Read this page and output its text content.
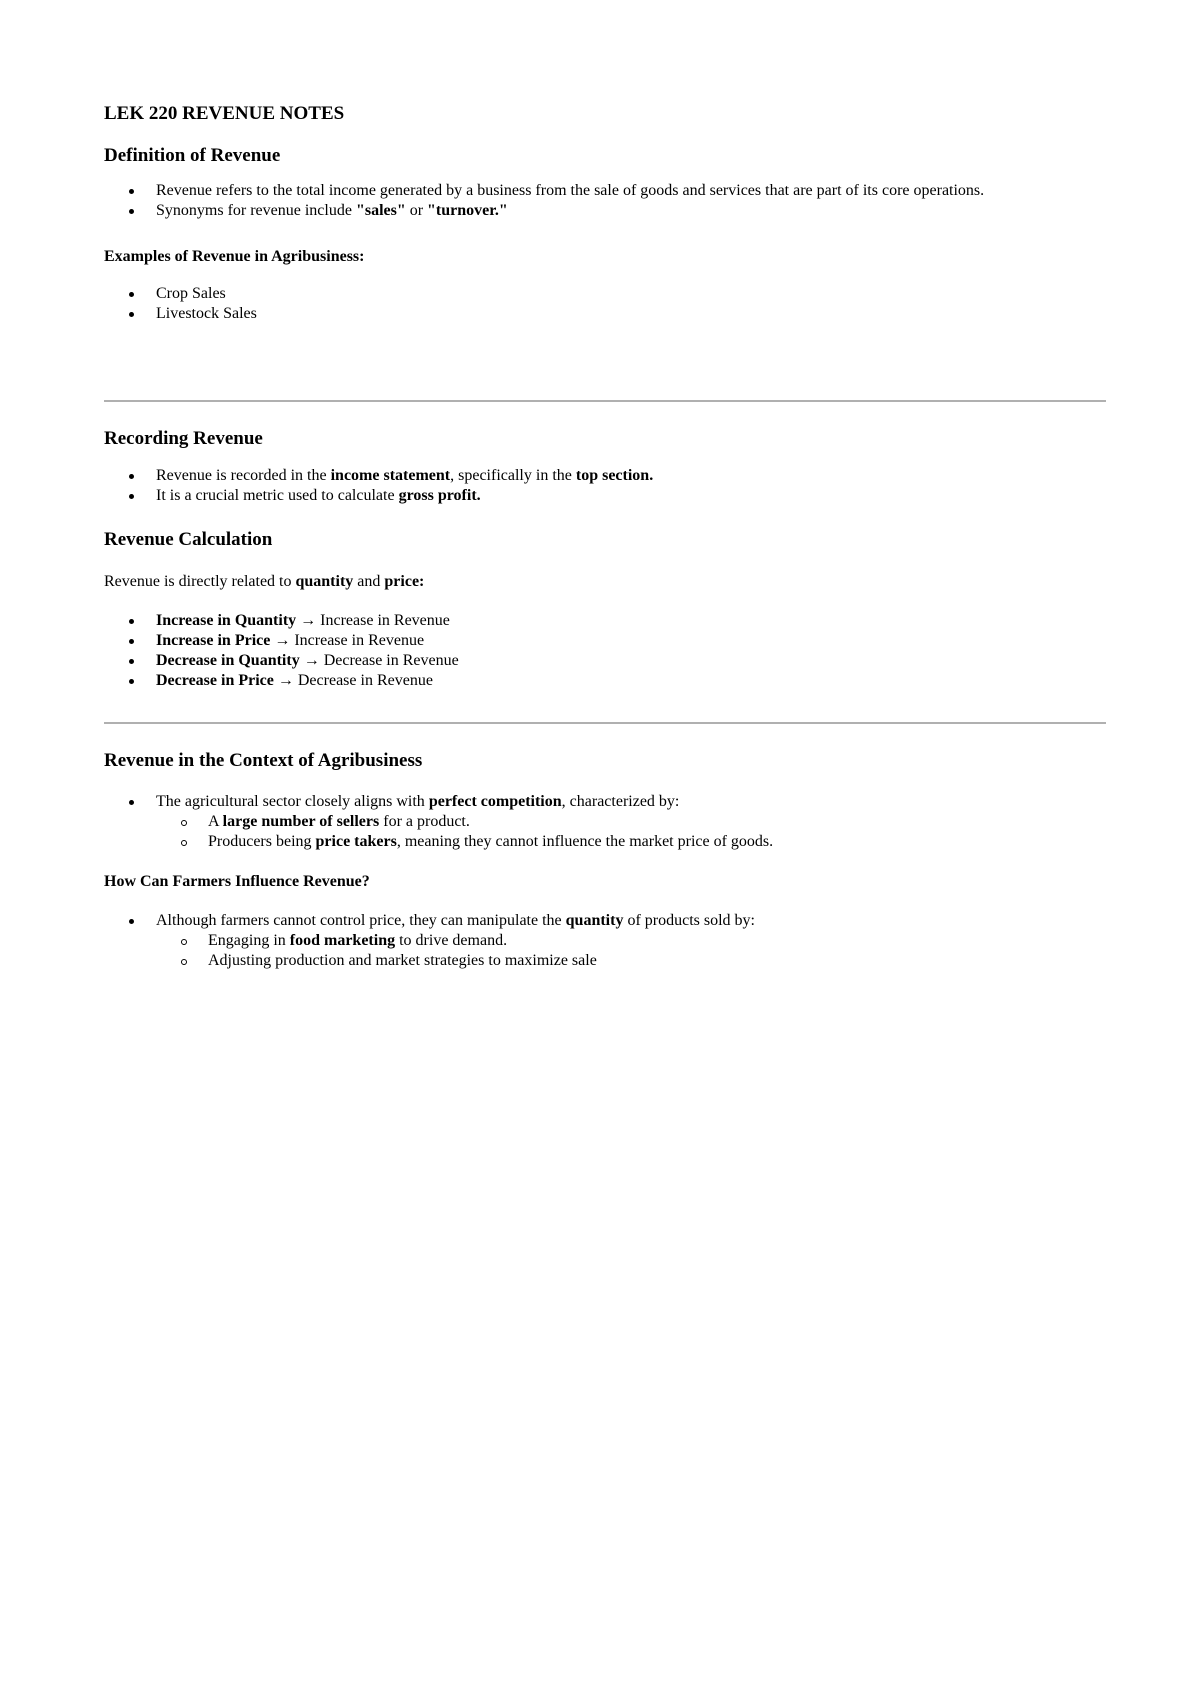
LEK 220 REVENUE NOTES
Definition of Revenue
Revenue refers to the total income generated by a business from the sale of goods and services that are part of its core operations.
Synonyms for revenue include "sales" or "turnover."
Examples of Revenue in Agribusiness:
Crop Sales
Livestock Sales
Recording Revenue
Revenue is recorded in the income statement, specifically in the top section.
It is a crucial metric used to calculate gross profit.
Revenue Calculation

Revenue is directly related to quantity and price:

Increase in Quantity → Increase in Revenue
Increase in Price → Increase in Revenue
Decrease in Quantity → Decrease in Revenue
Decrease in Price → Decrease in Revenue
Revenue in the Context of Agribusiness
The agricultural sector closely aligns with perfect competition, characterized by:
A large number of sellers for a product.
Producers being price takers, meaning they cannot influence the market price of goods.
How Can Farmers Influence Revenue?
Although farmers cannot control price, they can manipulate the quantity of products sold by:
Engaging in food marketing to drive demand.
Adjusting production and market strategies to maximize sale
